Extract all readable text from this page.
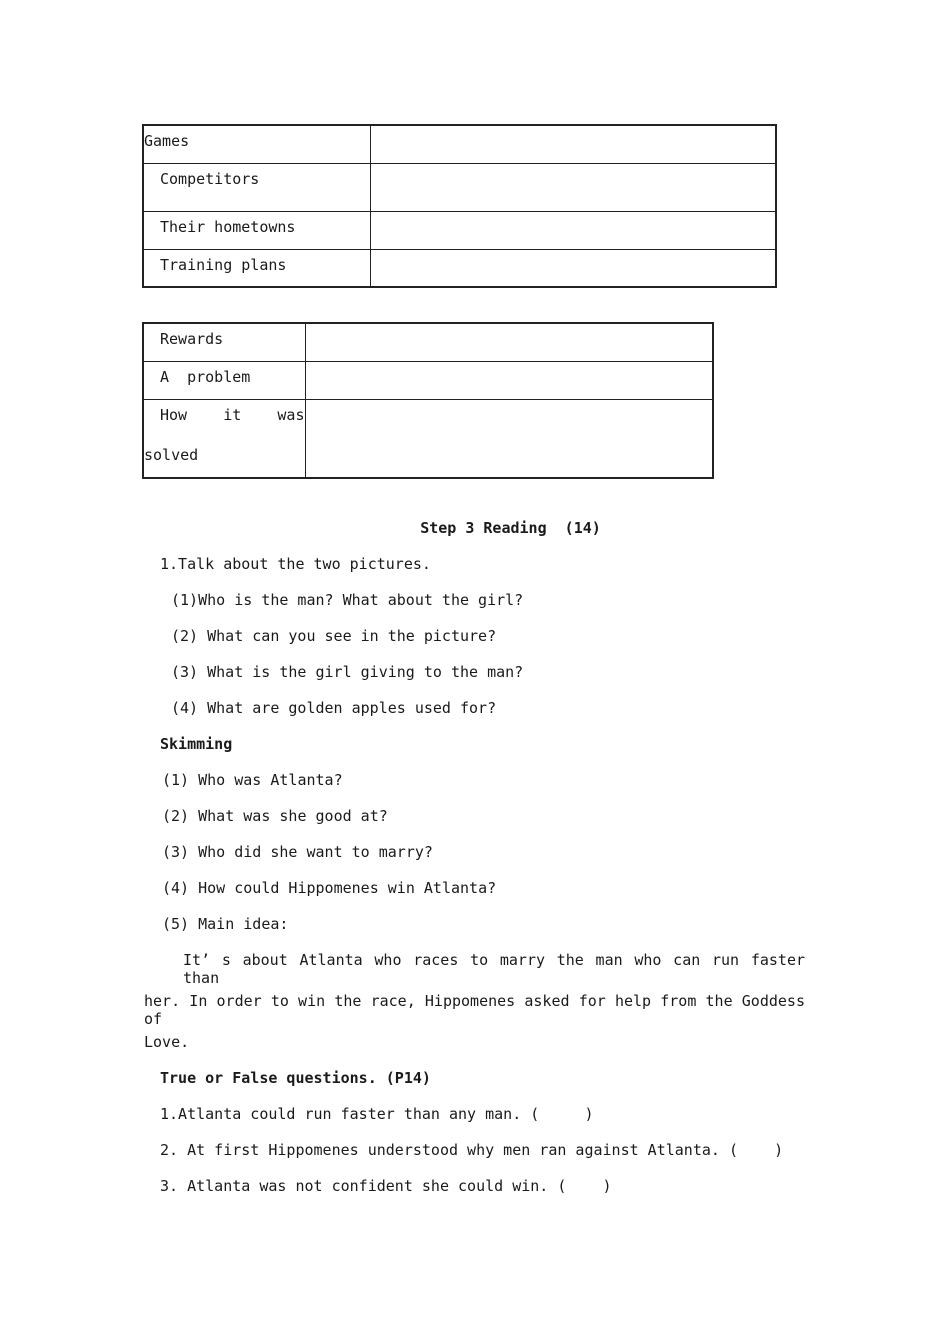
Games	

Competitors	

Their hometowns	

Training plans	

Rewards	

A  problem	

How    it    was
solved	

Step 3 Reading  (14)
1.Talk about the two pictures.
(1)Who is the man? What about the girl?
(2) What can you see in the picture?
(3) What is the girl giving to the man?
(4) What are golden apples used for?
Skimming
(1) Who was Atlanta?
(2) What was she good at?
(3) Who did she want to marry?
(4) How could Hippomenes win Atlanta?
(5) Main idea:
It’ s about Atlanta who races to marry the man who can run faster than
her. In order to win the race, Hippomenes asked for help from the Goddess of
Love.
True or False questions. (P14)
1.Atlanta could run faster than any man. (     )
2. At first Hippomenes understood why men ran against Atlanta. (    )
3. Atlanta was not confident she could win. (    )
